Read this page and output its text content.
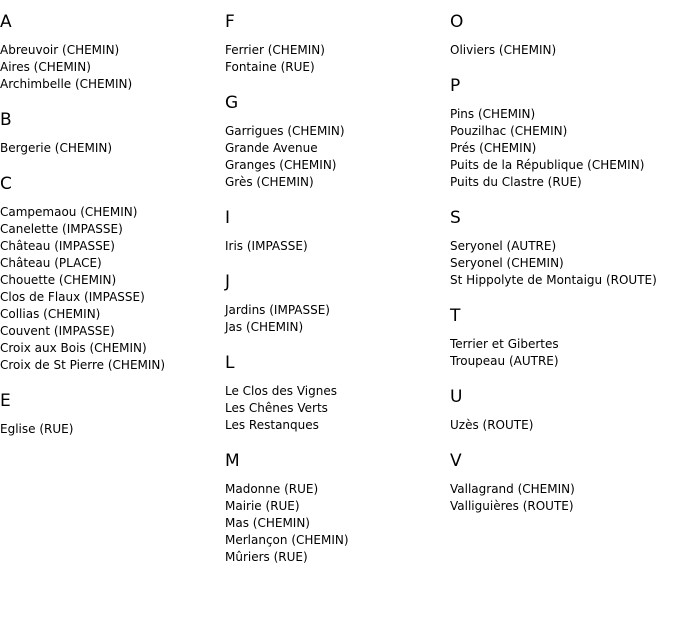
A
Abreuvoir (CHEMIN)
Aires (CHEMIN)
Archimbelle (CHEMIN)
B
Bergerie (CHEMIN)
C
Campemaou (CHEMIN)
Canelette (IMPASSE)
Château (IMPASSE)
Château (PLACE)
Chouette (CHEMIN)
Clos de Flaux (IMPASSE)
Collias (CHEMIN)
Couvent (IMPASSE)
Croix aux Bois (CHEMIN)
Croix de St Pierre (CHEMIN)
E
Eglise (RUE)
F
Ferrier (CHEMIN)
Fontaine (RUE)
G
Garrigues (CHEMIN)
Grande Avenue
Granges (CHEMIN)
Grès (CHEMIN)
I
Iris (IMPASSE)
J
Jardins (IMPASSE)
Jas (CHEMIN)
L
Le Clos des Vignes
Les Chênes Verts
Les Restanques
M
Madonne (RUE)
Mairie (RUE)
Mas (CHEMIN)
Merlançon (CHEMIN)
Mûriers (RUE)
O
Oliviers (CHEMIN)
P
Pins (CHEMIN)
Pouzilhac (CHEMIN)
Prés (CHEMIN)
Puits de la République (CHEMIN)
Puits du Clastre (RUE)
S
Seryonel (AUTRE)
Seryonel (CHEMIN)
St Hippolyte de Montaigu (ROUTE)
T
Terrier et Gibertes
Troupeau (AUTRE)
U
Uzès (ROUTE)
V
Vallagrand (CHEMIN)
Valliguières (ROUTE)
